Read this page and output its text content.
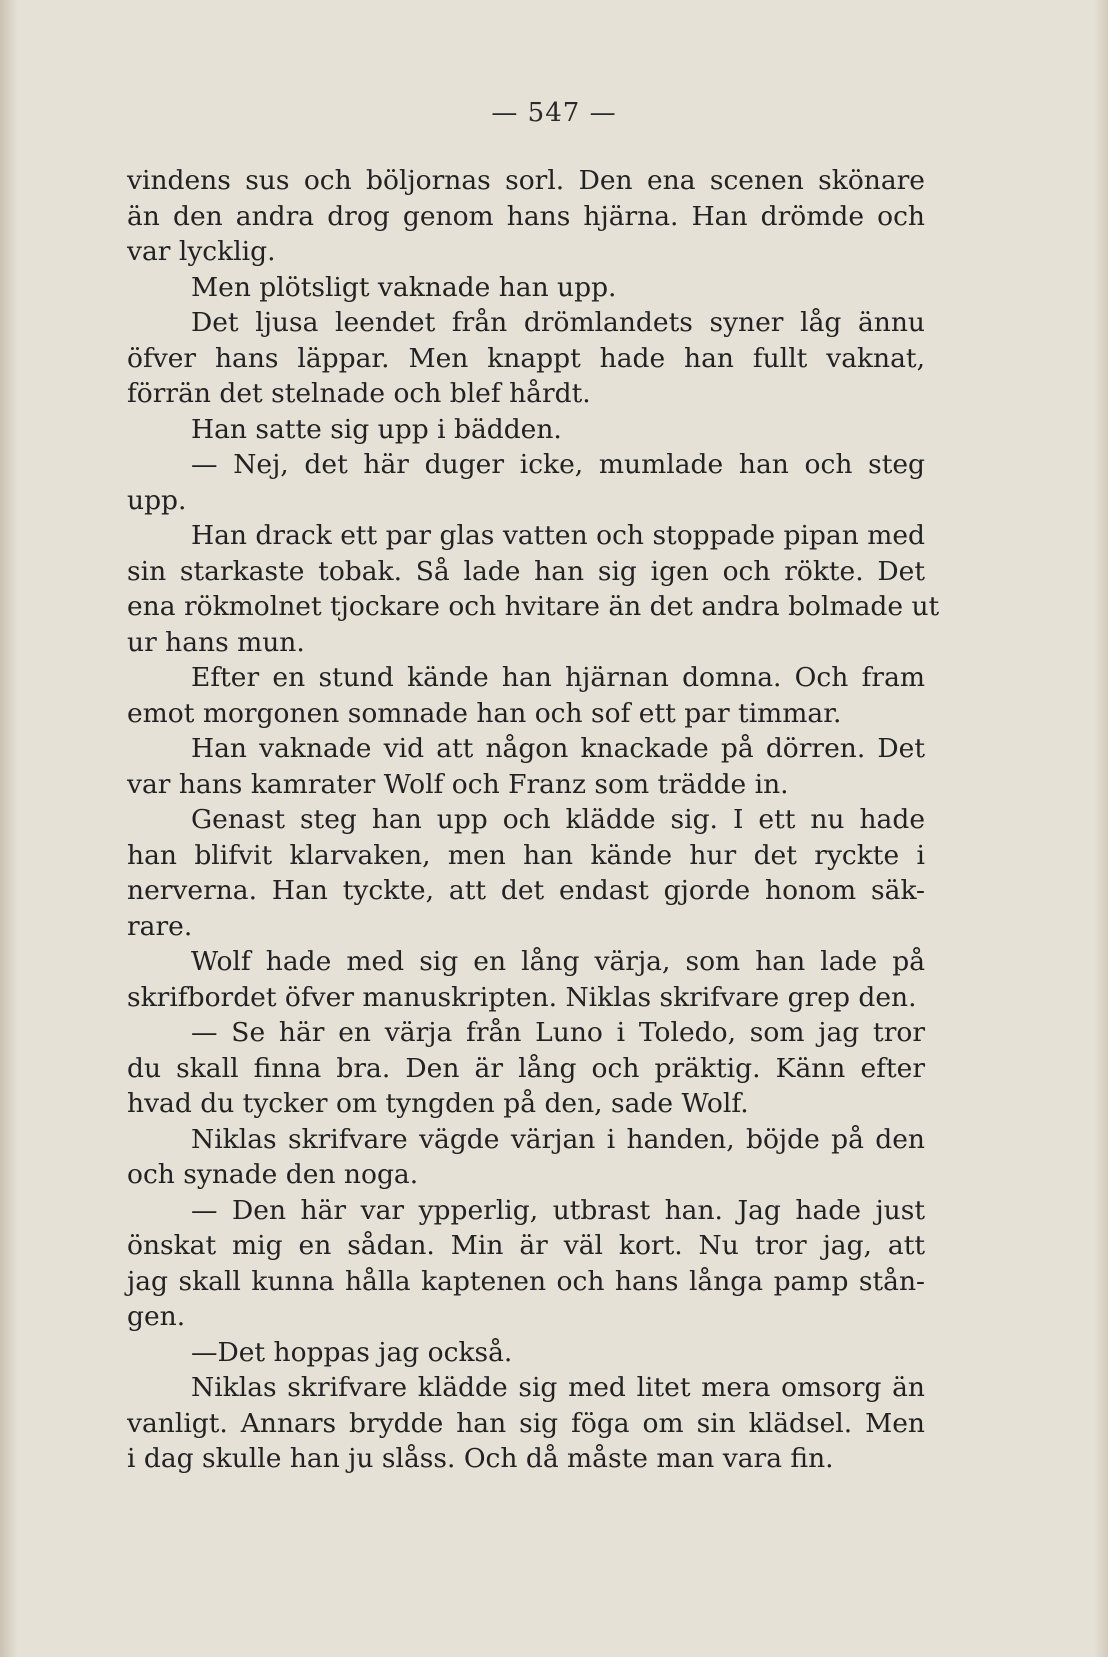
— 547 —
vindens sus och böljornas sorl. Den ena scenen skönare
än den andra drog genom hans hjärna. Han drömde och
var lycklig.
Men plötsligt vaknade han upp.
Det ljusa leendet från drömlandets syner låg ännu
öfver hans läppar. Men knappt hade han fullt vaknat,
förrän det stelnade och blef hårdt.
Han satte sig upp i bädden.
— Nej, det här duger icke, mumlade han och steg
upp.
Han drack ett par glas vatten och stoppade pipan med
sin starkaste tobak. Så lade han sig igen och rökte. Det
ena rökmolnet tjockare och hvitare än det andra bolmade ut
ur hans mun.
Efter en stund kände han hjärnan domna. Och fram
emot morgonen somnade han och sof ett par timmar.
Han vaknade vid att någon knackade på dörren. Det
var hans kamrater Wolf och Franz som trädde in.
Genast steg han upp och klädde sig. I ett nu hade
han blifvit klarvaken, men han kände hur det ryckte i
nerverna. Han tyckte, att det endast gjorde honom säk-
rare.
Wolf hade med sig en lång värja, som han lade på
skrifbordet öfver manuskripten. Niklas skrifvare grep den.
— Se här en värja från Luno i Toledo, som jag tror
du skall finna bra. Den är lång och präktig. Känn efter
hvad du tycker om tyngden på den, sade Wolf.
Niklas skrifvare vägde värjan i handen, böjde på den
och synade den noga.
— Den här var ypperlig, utbrast han. Jag hade just
önskat mig en sådan. Min är väl kort. Nu tror jag, att
jag skall kunna hålla kaptenen och hans långa pamp stån-
gen.
—Det hoppas jag också.
Niklas skrifvare klädde sig med litet mera omsorg än
vanligt. Annars brydde han sig föga om sin klädsel. Men
i dag skulle han ju slåss. Och då måste man vara fin.
